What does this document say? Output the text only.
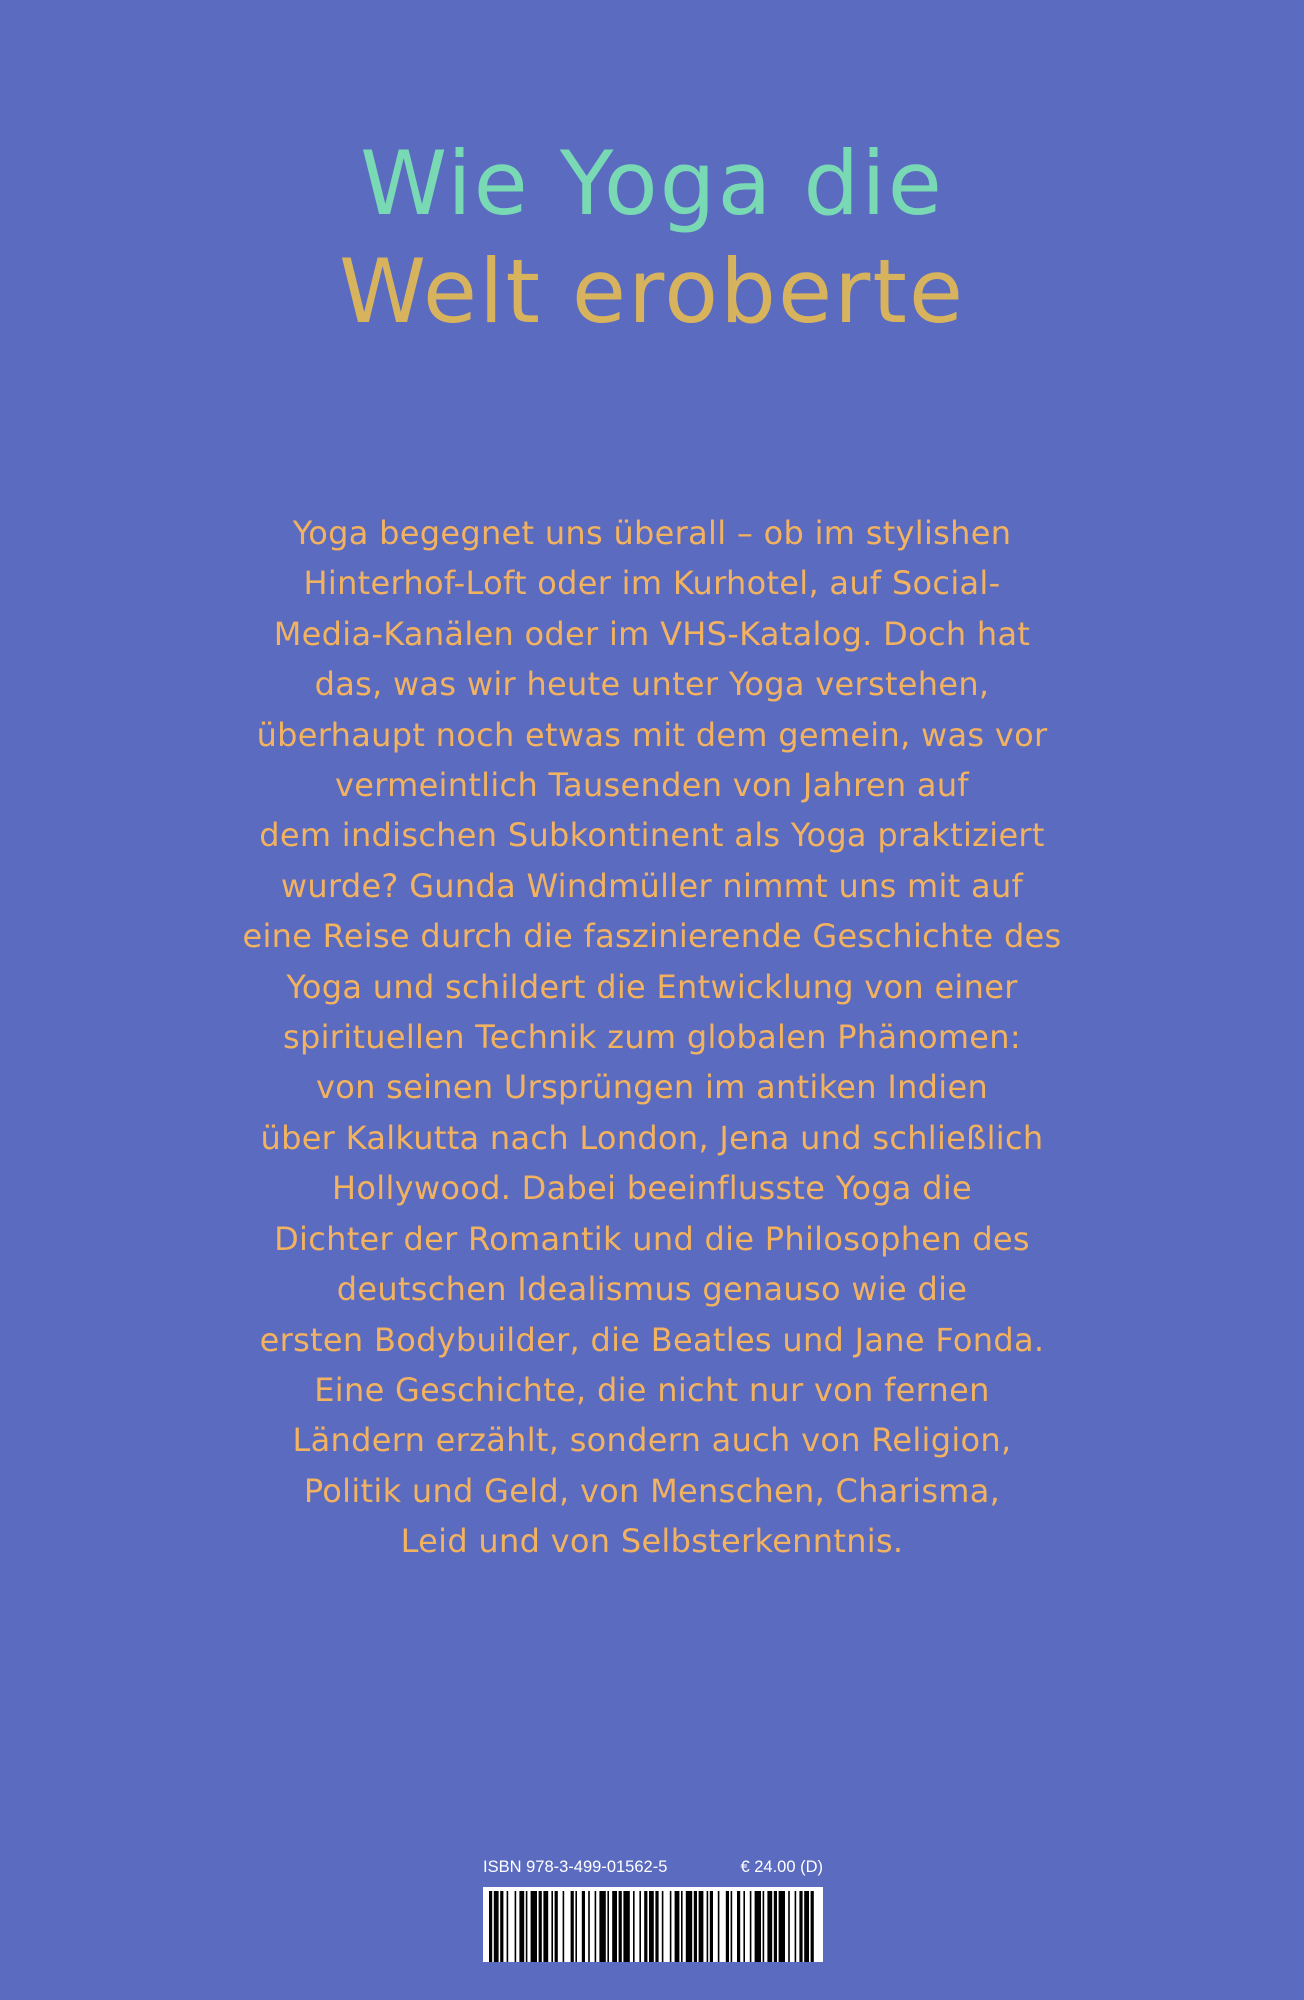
Wie Yoga die
Welt eroberte
Yoga begegnet uns überall – ob im stylishen
Hinterhof-Loft oder im Kurhotel, auf Social-
Media-Kanälen oder im VHS-Katalog. Doch hat
das, was wir heute unter Yoga verstehen,
überhaupt noch etwas mit dem gemein, was vor
vermeintlich Tausenden von Jahren auf
dem indischen Subkontinent als Yoga praktiziert
wurde? Gunda Windmüller nimmt uns mit auf
eine Reise durch die faszinierende Geschichte des
Yoga und schildert die Entwicklung von einer
spirituellen Technik zum globalen Phänomen:
von seinen Ursprüngen im antiken Indien
über Kalkutta nach London, Jena und schließlich
Hollywood. Dabei beeinflusste Yoga die
Dichter der Romantik und die Philosophen des
deutschen Idealismus genauso wie die
ersten Bodybuilder, die Beatles und Jane Fonda.
Eine Geschichte, die nicht nur von fernen
Ländern erzählt, sondern auch von Religion,
Politik und Geld, von Menschen, Charisma,
Leid und von Selbsterkenntnis.
ISBN 978-3-499-01562-5	€ 24.00 (D)
